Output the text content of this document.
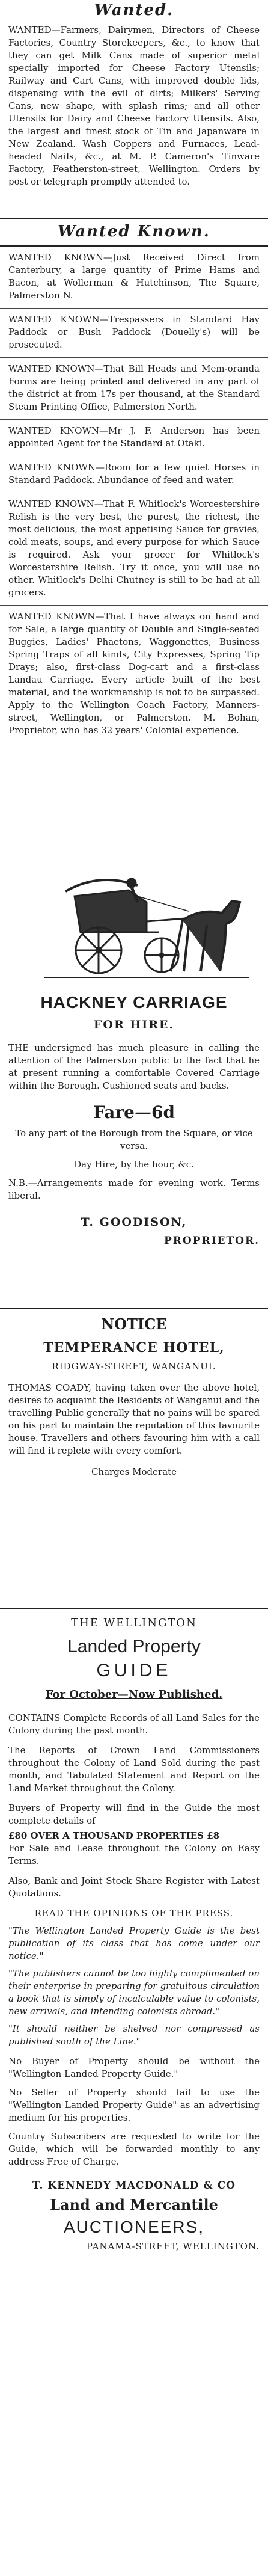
Wanted.
WANTED—Farmers, Dairymen, Directors of Cheese Factories, Country Storekeepers, &c., to know that they can get Milk Cans made of superior metal specially imported for Cheese Factory Utensils; Railway and Cart Cans, with improved double lids, dispensing with the evil of dirts; Milkers' Serving Cans, new shape, with splash rims; and all other Utensils for Dairy and Cheese Factory Utensils. Also, the largest and finest stock of Tin and Japanware in New Zealand. Wash Coppers and Furnaces, Lead-headed Nails, &c., at M. P. Cameron's Tinware Factory, Featherston-street, Wellington. Orders by post or telegraph promptly attended to.
Wanted Known.
WANTED KNOWN—Just Received Direct from Canterbury, a large quantity of Prime Hams and Bacon, at Wollerman & Hutchinson, The Square, Palmerston N.
WANTED KNOWN—Trespassers in Standard Hay Paddock or Bush Paddock (Douelly's) will be prosecuted.
WANTED KNOWN—That Bill Heads and Mem-oranda Forms are being printed and delivered in any part of the district at from 17s per thousand, at the Standard Steam Printing Office, Palmerston North.
WANTED KNOWN—Mr J. F. Anderson has been appointed Agent for the Standard at Otaki.
WANTED KNOWN—Room for a few quiet Horses in Standard Paddock. Abundance of feed and water.
WANTED KNOWN—That F. Whitlock's Worcestershire Relish is the very best, the purest, the richest, the most delicious, the most appetising Sauce for gravies, cold meats, soups, and every purpose for which Sauce is required. Ask your grocer for Whitlock's Worcestershire Relish. Try it once, you will use no other. Whitlock's Delhi Chutney is still to be had at all grocers.
WANTED KNOWN—That I have always on hand and for Sale, a large quantity of Double and Single-seated Buggies, Ladies' Phaetons, Waggonettes, Business Spring Traps of all kinds, City Expresses, Spring Tip Drays; also, first-class Dog-cart and a first-class Landau Carriage. Every article built of the best material, and the workmanship is not to be surpassed. Apply to the Wellington Coach Factory, Manners-street, Wellington, or Palmerston. M. Bohan, Proprietor, who has 32 years' Colonial experience.
HACKNEY CARRIAGE
FOR HIRE.
THE undersigned has much pleasure in calling the attention of the Palmerston public to the fact that he at present running a comfortable Covered Carriage within the Borough. Cushioned seats and backs.
Fare—6d
To any part of the Borough from the Square, or vice versa.
Day Hire, by the hour, &c.
N.B.—Arrangements made for evening work. Terms liberal.
T. GOODISON,
PROPRIETOR.
NOTICE
TEMPERANCE HOTEL,
RIDGWAY-STREET, WANGANUI.
THOMAS COADY, having taken over the above hotel, desires to acquaint the Residents of Wanganui and the travelling Public generally that no pains will be spared on his part to maintain the reputation of this favourite house. Travellers and others favouring him with a call will find it replete with every comfort.
Charges Moderate
THE WELLINGTON
Landed Property
GUIDE
For October—Now Published.
CONTAINS Complete Records of all Land Sales for the Colony during the past month.
The Reports of Crown Land Commissioners throughout the Colony of Land Sold during the past month, and Tabulated Statement and Report on the Land Market throughout the Colony.
Buyers of Property will find in the Guide the most complete details of
£80 OVER A THOUSAND PROPERTIES £8
For Sale and Lease throughout the Colony on Easy Terms.
Also, Bank and Joint Stock Share Register with Latest Quotations.
READ THE OPINIONS OF THE PRESS.
"The Wellington Landed Property Guide is the best publication of its class that has come under our notice."
"The publishers cannot be too highly complimented on their enterprise in preparing for gratuitous circulation a book that is simply of incalculable value to colonists, new arrivals, and intending colonists abroad."
"It should neither be shelved nor compressed as published south of the Line."
No Buyer of Property should be without the "Wellington Landed Property Guide."
No Seller of Property should fail to use the "Wellington Landed Property Guide" as an advertising medium for his properties.
Country Subscribers are requested to write for the Guide, which will be forwarded monthly to any address Free of Charge.
T. KENNEDY MACDONALD & CO
Land and Mercantile
AUCTIONEERS,
PANAMA-STREET, WELLINGTON.
